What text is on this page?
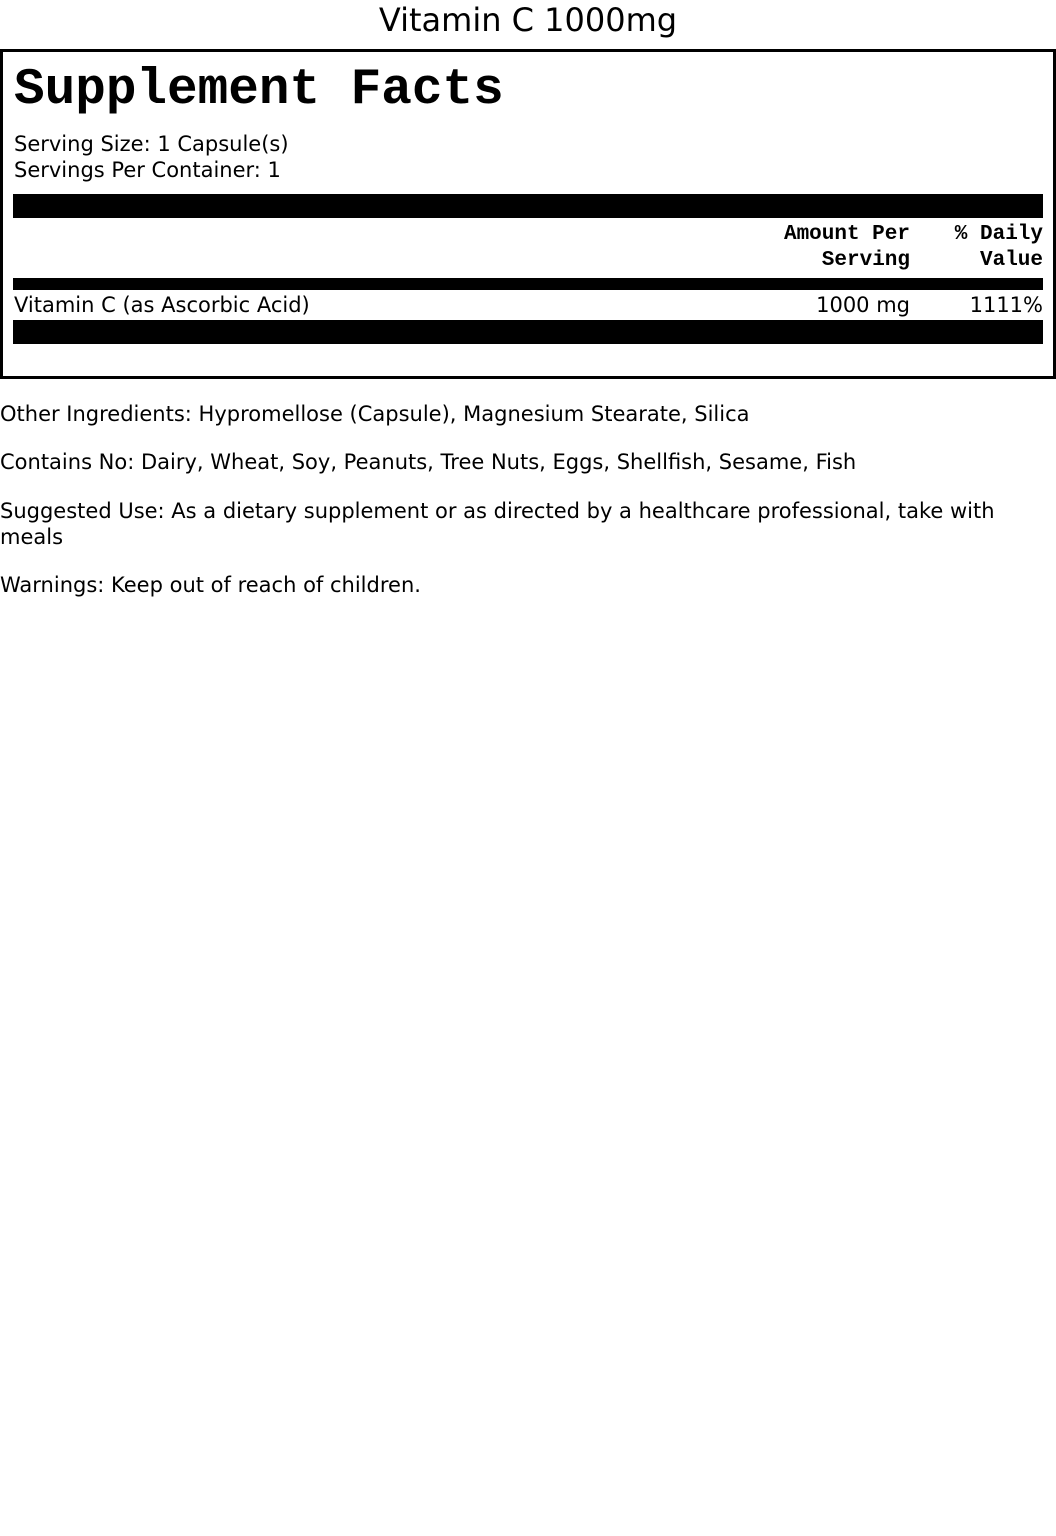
Vitamin C 1000mg
Supplement Facts
Serving Size: 1 Capsule(s)
Servings Per Container: 1
Amount Per
Serving
% Daily
Value
Vitamin C (as Ascorbic Acid)	1000 mg	1111%
Other Ingredients: Hypromellose (Capsule), Magnesium Stearate, Silica
Contains No: Dairy, Wheat, Soy, Peanuts, Tree Nuts, Eggs, Shellfish, Sesame, Fish
Suggested Use: As a dietary supplement or as directed by a healthcare professional, take with meals
Warnings: Keep out of reach of children.
